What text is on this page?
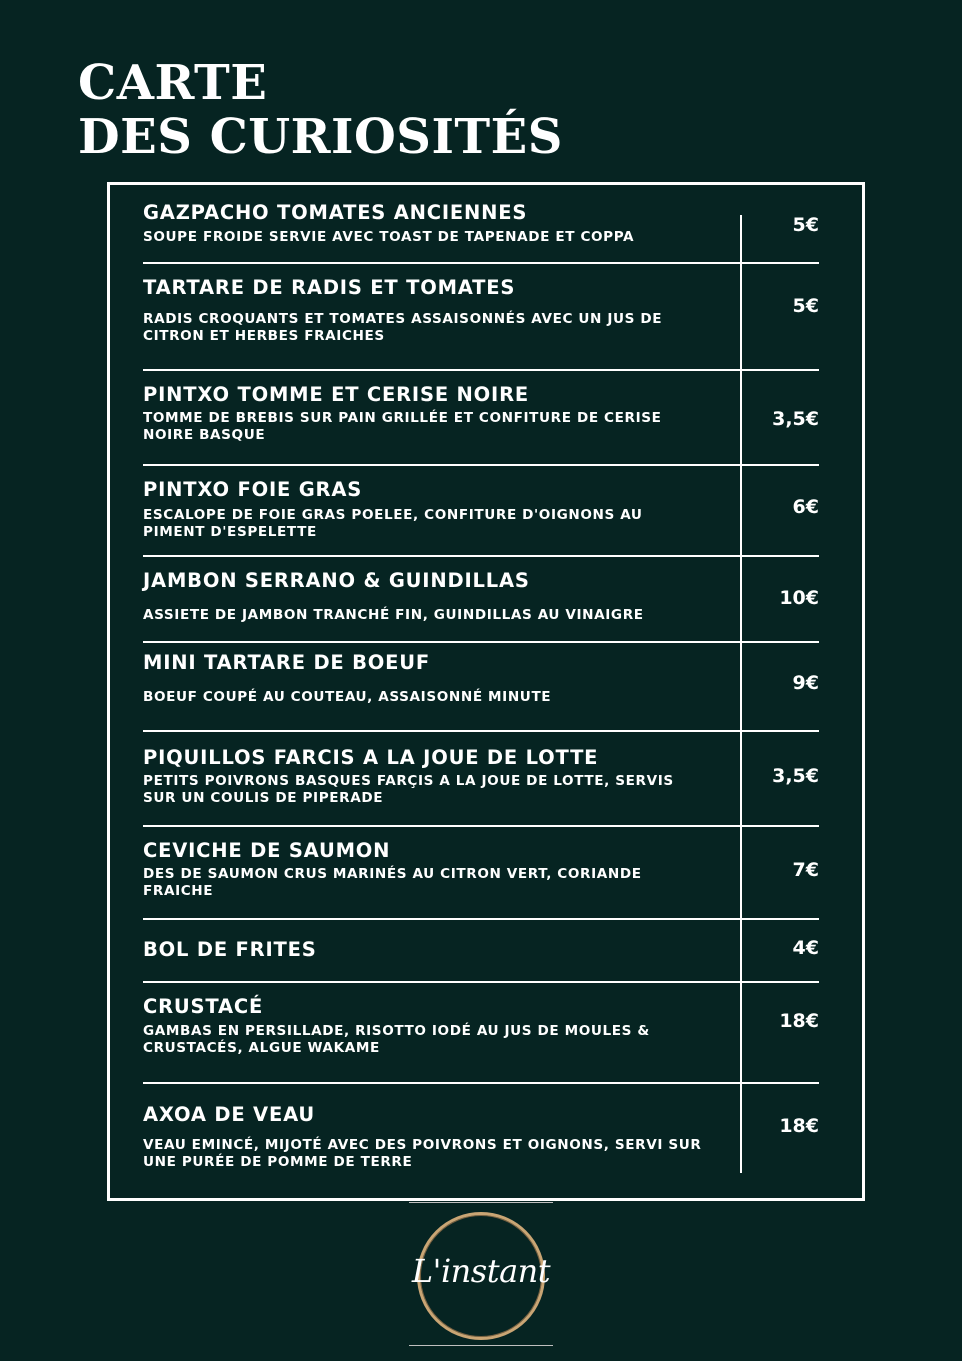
CARTE
DES CURIOSITÉS
GAZPACHO TOMATES ANCIENNES
SOUPE FROIDE SERVIE AVEC TOAST DE TAPENADE ET COPPA
5€
TARTARE DE RADIS ET TOMATES
RADIS CROQUANTS ET TOMATES ASSAISONNÉS AVEC UN JUS DE CITRON ET HERBES FRAICHES
5€
PINTXO TOMME ET CERISE NOIRE
TOMME DE BREBIS SUR PAIN GRILLÉE ET CONFITURE DE CERISE NOIRE BASQUE
3,5€
PINTXO FOIE GRAS
ESCALOPE DE FOIE GRAS POELEE, CONFITURE D'OIGNONS AU PIMENT D'ESPELETTE
6€
JAMBON SERRANO & GUINDILLAS
ASSIETE DE JAMBON TRANCHÉ FIN, GUINDILLAS AU VINAIGRE
10€
MINI TARTARE DE BOEUF
BOEUF COUPÉ AU COUTEAU, ASSAISONNÉ MINUTE
9€
PIQUILLOS FARCIS A LA JOUE DE LOTTE
PETITS POIVRONS BASQUES FARÇIS A LA JOUE DE LOTTE, SERVIS SUR UN COULIS DE PIPERADE
3,5€
CEVICHE DE SAUMON
DES DE SAUMON CRUS MARINÉS AU CITRON VERT, CORIANDE FRAICHE
7€
BOL DE FRITES	4€
CRUSTACÉ
GAMBAS EN PERSILLADE, RISOTTO IODÉ AU JUS DE MOULES & CRUSTACÉS, ALGUE WAKAME
18€
AXOA DE VEAU
VEAU EMINCÉ, MIJOTÉ AVEC DES POIVRONS ET OIGNONS, SERVI SUR UNE PURÉE DE POMME DE TERRE
18€
L'instant
